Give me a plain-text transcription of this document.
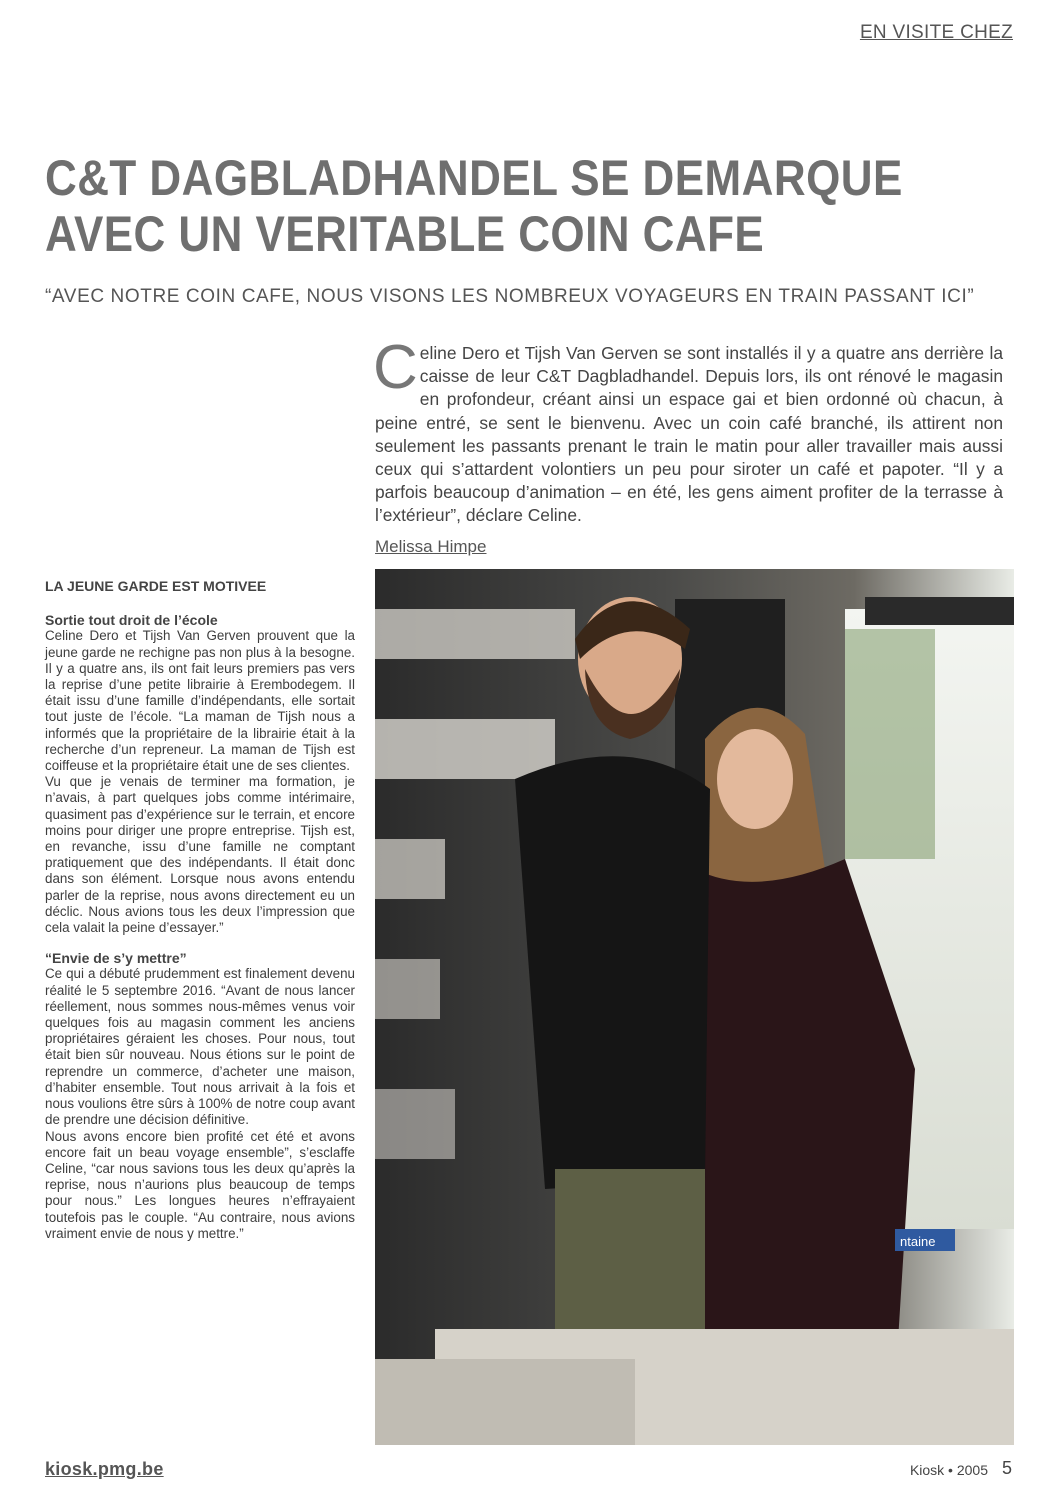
EN VISITE CHEZ
C&T DAGBLADHANDEL SE DEMARQUE
AVEC UN VERITABLE COIN CAFE
“AVEC NOTRE COIN CAFE, NOUS VISONS LES NOMBREUX VOYAGEURS EN TRAIN PASSANT ICI”
C eline Dero et Tijsh Van Gerven se sont installés il y a quatre ans derrière la caisse de leur C&T Dagbladhandel. Depuis lors, ils ont rénové le magasin en profondeur, créant ainsi un espace gai et bien ordonné où chacun, à peine entré, se sent le bienvenu. Avec un coin café branché, ils attirent non seulement les passants prenant le train le matin pour aller travailler mais aussi ceux qui s’attardent volontiers un peu pour siroter un café et papoter. “Il y a parfois beaucoup d’animation – en été, les gens aiment profiter de la terrasse à l’extérieur”, déclare Celine.
Melissa Himpe
LA JEUNE GARDE EST MOTIVEE
Sortie tout droit de l’école

Celine Dero et Tijsh Van Gerven prouvent que la jeune garde ne rechigne pas non plus à la besogne. Il y a quatre ans, ils ont fait leurs premiers pas vers la reprise d’une petite librairie à Erembodegem. Il était issu d’une famille d’indépendants, elle sortait tout juste de l’école. “La maman de Tijsh nous a informés que la propriétaire de la librairie était à la recherche d’un repreneur. La maman de Tijsh est coiffeuse et la propriétaire était une de ses clientes.

Vu que je venais de terminer ma formation, je n’avais, à part quelques jobs comme intérimaire, quasiment pas d’expérience sur le terrain, et encore moins pour diriger une propre entreprise. Tijsh est, en revanche, issu d’une famille ne comptant pratiquement que des indépendants. Il était donc dans son élément. Lorsque nous avons entendu parler de la reprise, nous avons directement eu un déclic. Nous avions tous les deux l’impression que cela valait la peine d’essayer.”

“Envie de s’y mettre”

Ce qui a débuté prudemment est finalement devenu réalité le 5 septembre 2016. “Avant de nous lancer réellement, nous sommes nous-mêmes venus voir quelques fois au magasin comment les anciens propriétaires géraient les choses. Pour nous, tout était bien sûr nouveau. Nous étions sur le point de reprendre un commerce, d’acheter une maison, d’habiter ensemble. Tout nous arrivait à la fois et nous voulions être sûrs à 100% de notre coup avant de prendre une décision définitive.

Nous avons encore bien profité cet été et avons encore fait un beau voyage ensemble”, s’esclaffe Celine, “car nous savions tous les deux qu’après la reprise, nous n’aurions plus beaucoup de temps pour nous.” Les longues heures n’effrayaient toutefois pas le couple. “Au contraire, nous avions vraiment envie de nous y mettre.”

ntaine
kiosk.pmg.be	Kiosk • 2005 5
